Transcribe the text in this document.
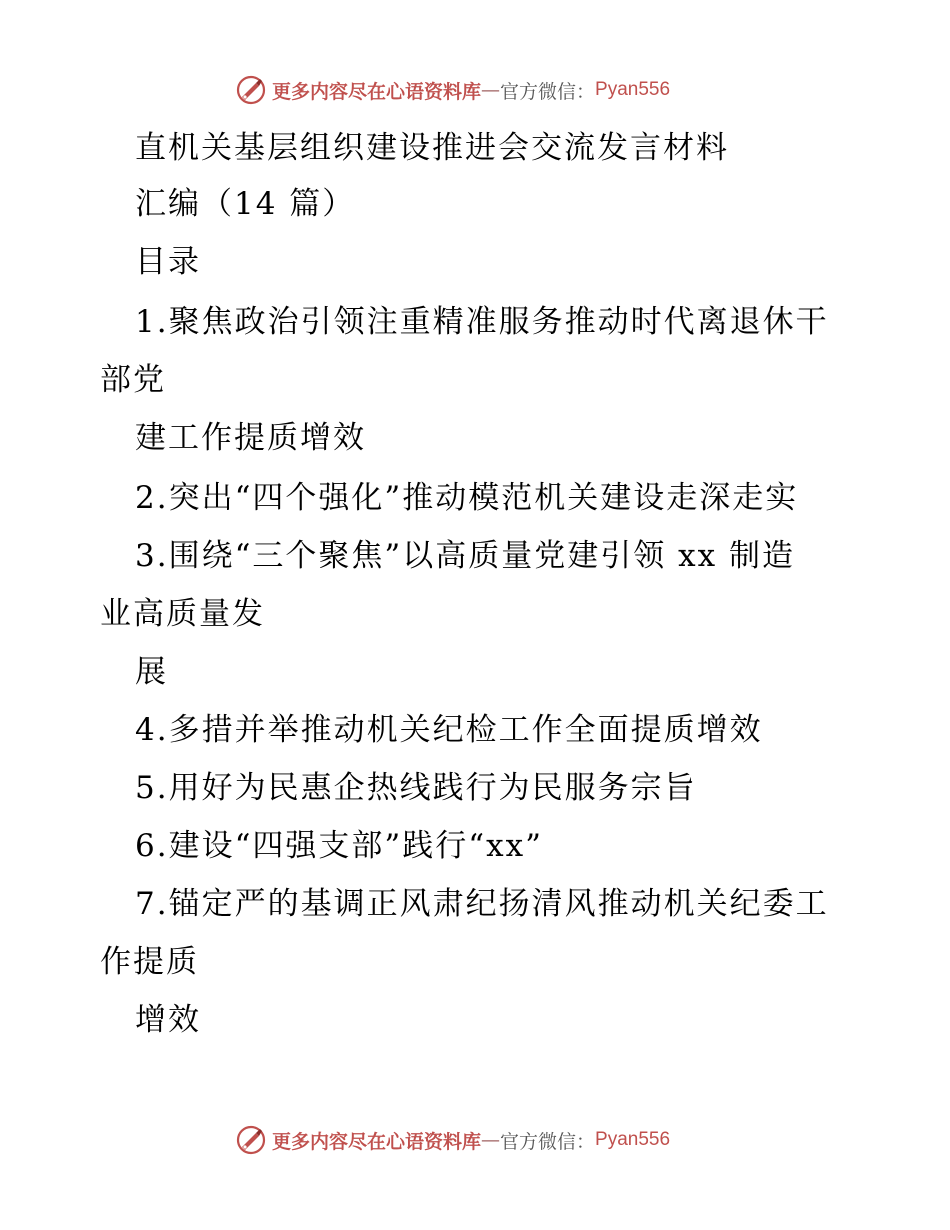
更多内容尽在心语资料库 — 官方微信： Pyan556
直机关基层组织建设推进会交流发言材料
汇编（14 篇）
目录
1.聚焦政治引领注重精准服务推动时代离退休干
部党
建工作提质增效
2.突出“四个强化”推动模范机关建设走深走实
3.围绕“三个聚焦”以高质量党建引领 xx 制造
业高质量发
展
4.多措并举推动机关纪检工作全面提质增效
5.用好为民惠企热线践行为民服务宗旨
6.建设“四强支部”践行“xx”
7.锚定严的基调正风肃纪扬清风推动机关纪委工
作提质
增效
更多内容尽在心语资料库 — 官方微信： Pyan556
